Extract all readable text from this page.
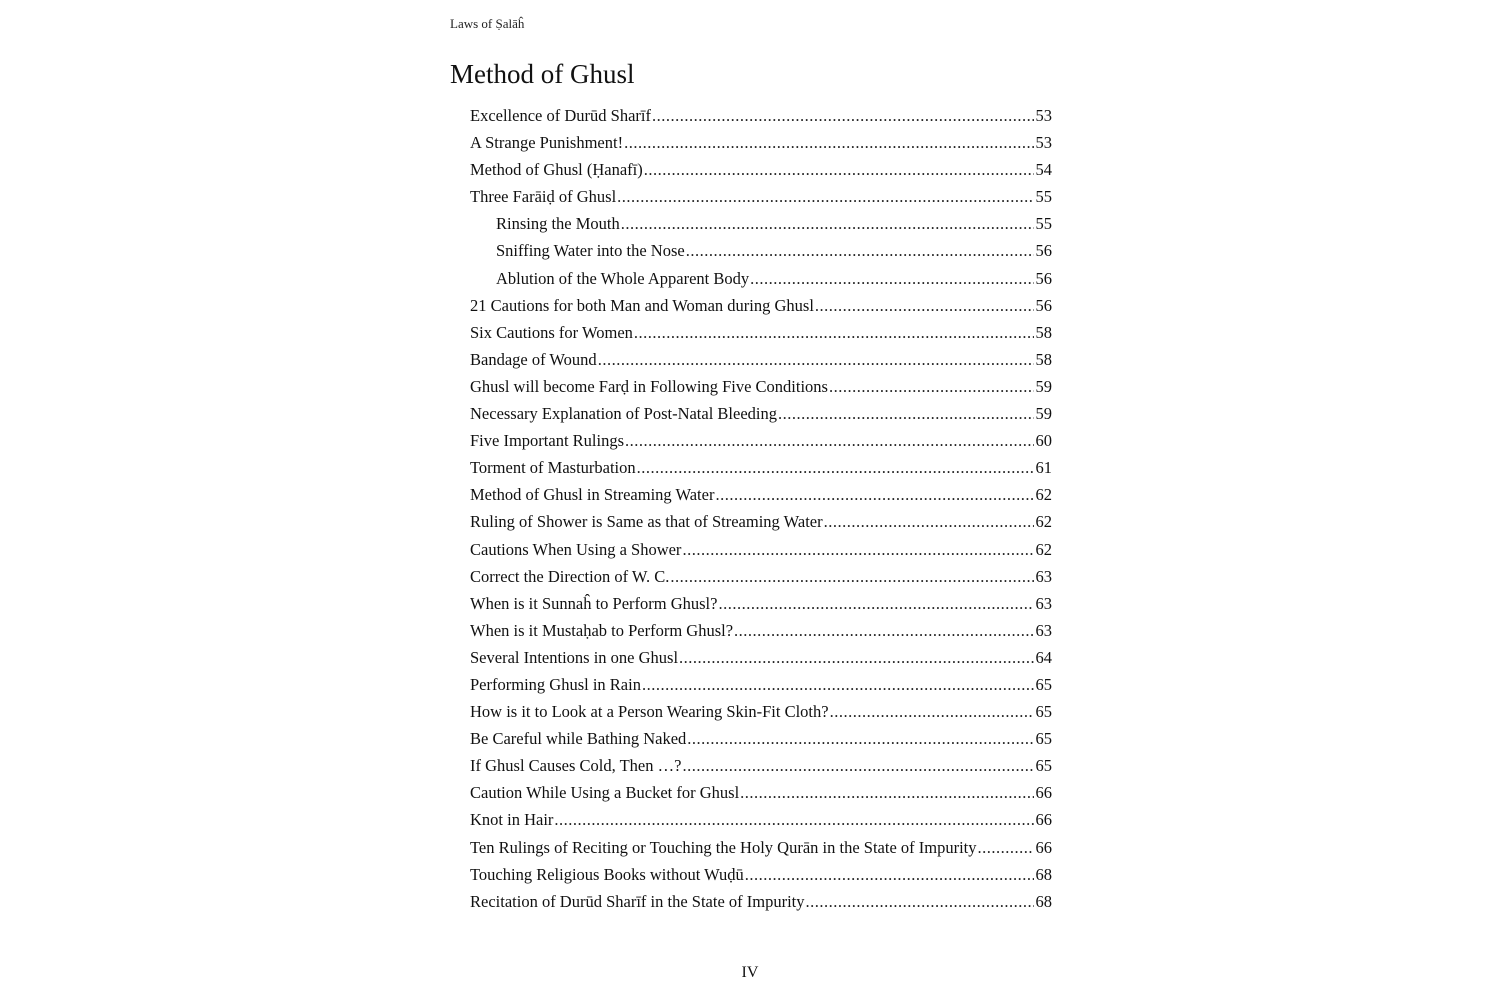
Laws of Ṣalāĥ
Method of Ghusl
Excellence of Durūd Sharīf .....	53
A Strange Punishment! .....	53
Method of Ghusl (Ḥanafī) .....	54
Three Farāiḍ of Ghusl .....	55
Rinsing the Mouth .....	55
Sniffing Water into the Nose .....	56
Ablution of the Whole Apparent Body .....	56
21 Cautions for both Man and Woman during Ghusl .....	56
Six Cautions for Women .....	58
Bandage of Wound .....	58
Ghusl will become Farḍ in Following Five Conditions .....	59
Necessary Explanation of Post-Natal Bleeding .....	59
Five Important Rulings .....	60
Torment of Masturbation .....	61
Method of Ghusl in Streaming Water .....	62
Ruling of Shower is Same as that of Streaming Water .....	62
Cautions When Using a Shower .....	62
Correct the Direction of W. C. .....	63
When is it Sunnaĥ to Perform Ghusl? .....	63
When is it Mustaḥab to Perform Ghusl? .....	63
Several Intentions in one Ghusl .....	64
Performing Ghusl in Rain .....	65
How is it to Look at a Person Wearing Skin-Fit Cloth? .....	65
Be Careful while Bathing Naked .....	65
If Ghusl Causes Cold, Then …? .....	65
Caution While Using a Bucket for Ghusl .....	66
Knot in Hair .....	66
Ten Rulings of Reciting or Touching the Holy Qurān in the State of Impurity .....	66
Touching Religious Books without Wuḍū .....	68
Recitation of Durūd Sharīf in the State of Impurity .....	68
IV
